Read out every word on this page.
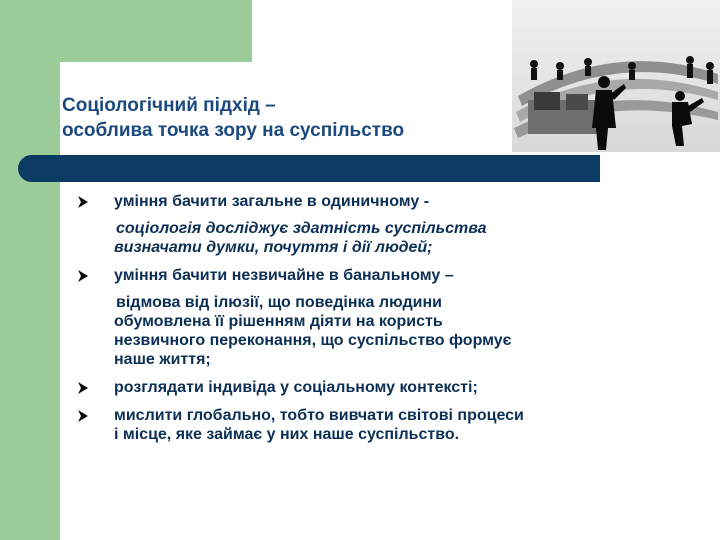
Соціологічний підхід –
особлива точка зору на суспільство
уміння бачити загальне в одиничному -
соціологія досліджує здатність суспільства
визначати думки, почуття і дії людей;
уміння бачити незвичайне в банальному –
відмова від ілюзії, що поведінка людини
обумовлена її рішенням діяти на користь
незвичного переконання, що суспільство формує
наше життя;
розглядати індивіда у соціальному контексті;
мислити глобально, тобто вивчати світові процеси
і місце, яке займає у них наше суспільство.
